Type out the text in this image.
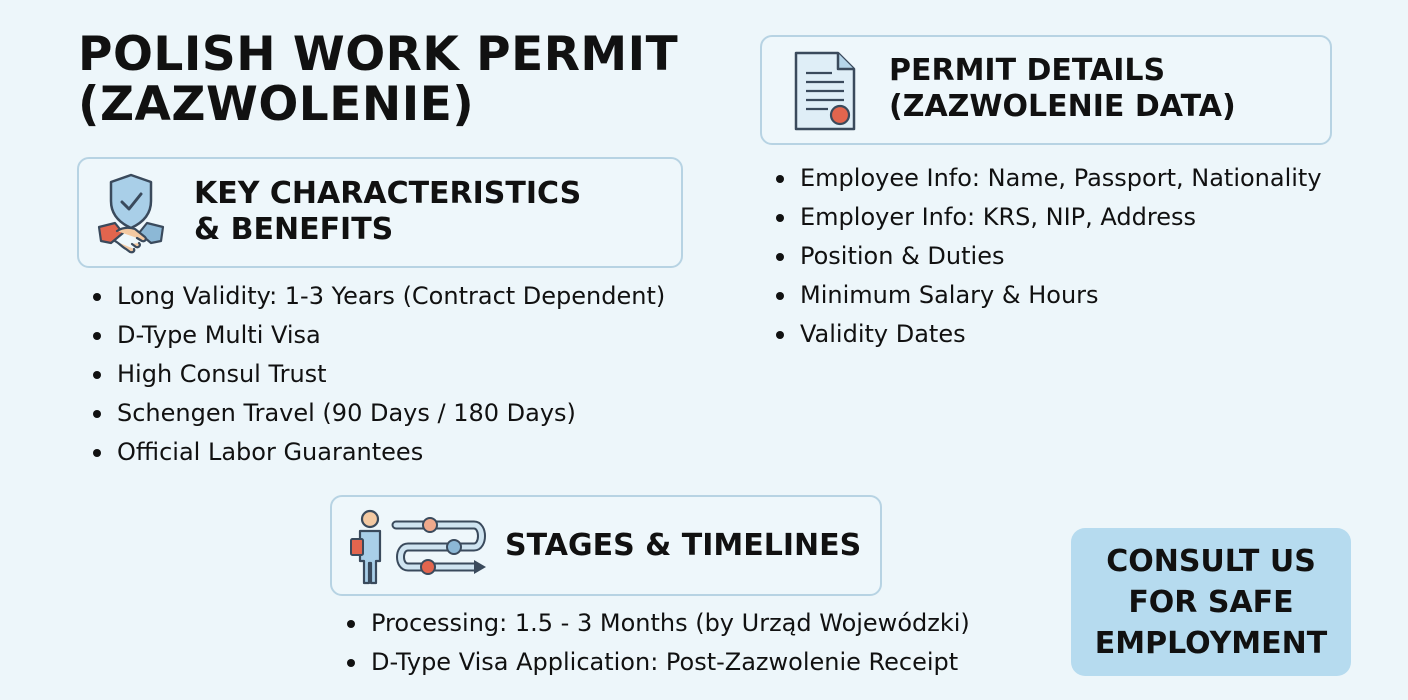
POLISH WORK PERMIT
(ZAZWOLENIE)
KEY CHARACTERISTICS
& BENEFITS
Long Validity: 1-3 Years (Contract Dependent)
D-Type Multi Visa
High Consul Trust
Schengen Travel (90 Days / 180 Days)
Official Labor Guarantees
PERMIT DETAILS
(ZAZWOLENIE DATA)
Employee Info: Name, Passport, Nationality
Employer Info: KRS, NIP, Address
Position & Duties
Minimum Salary & Hours
Validity Dates
STAGES & TIMELINES
Processing: 1.5 - 3 Months (by Urząd Wojewódzki)
D-Type Visa Application: Post-Zazwolenie Receipt
CONSULT US
FOR SAFE
EMPLOYMENT
